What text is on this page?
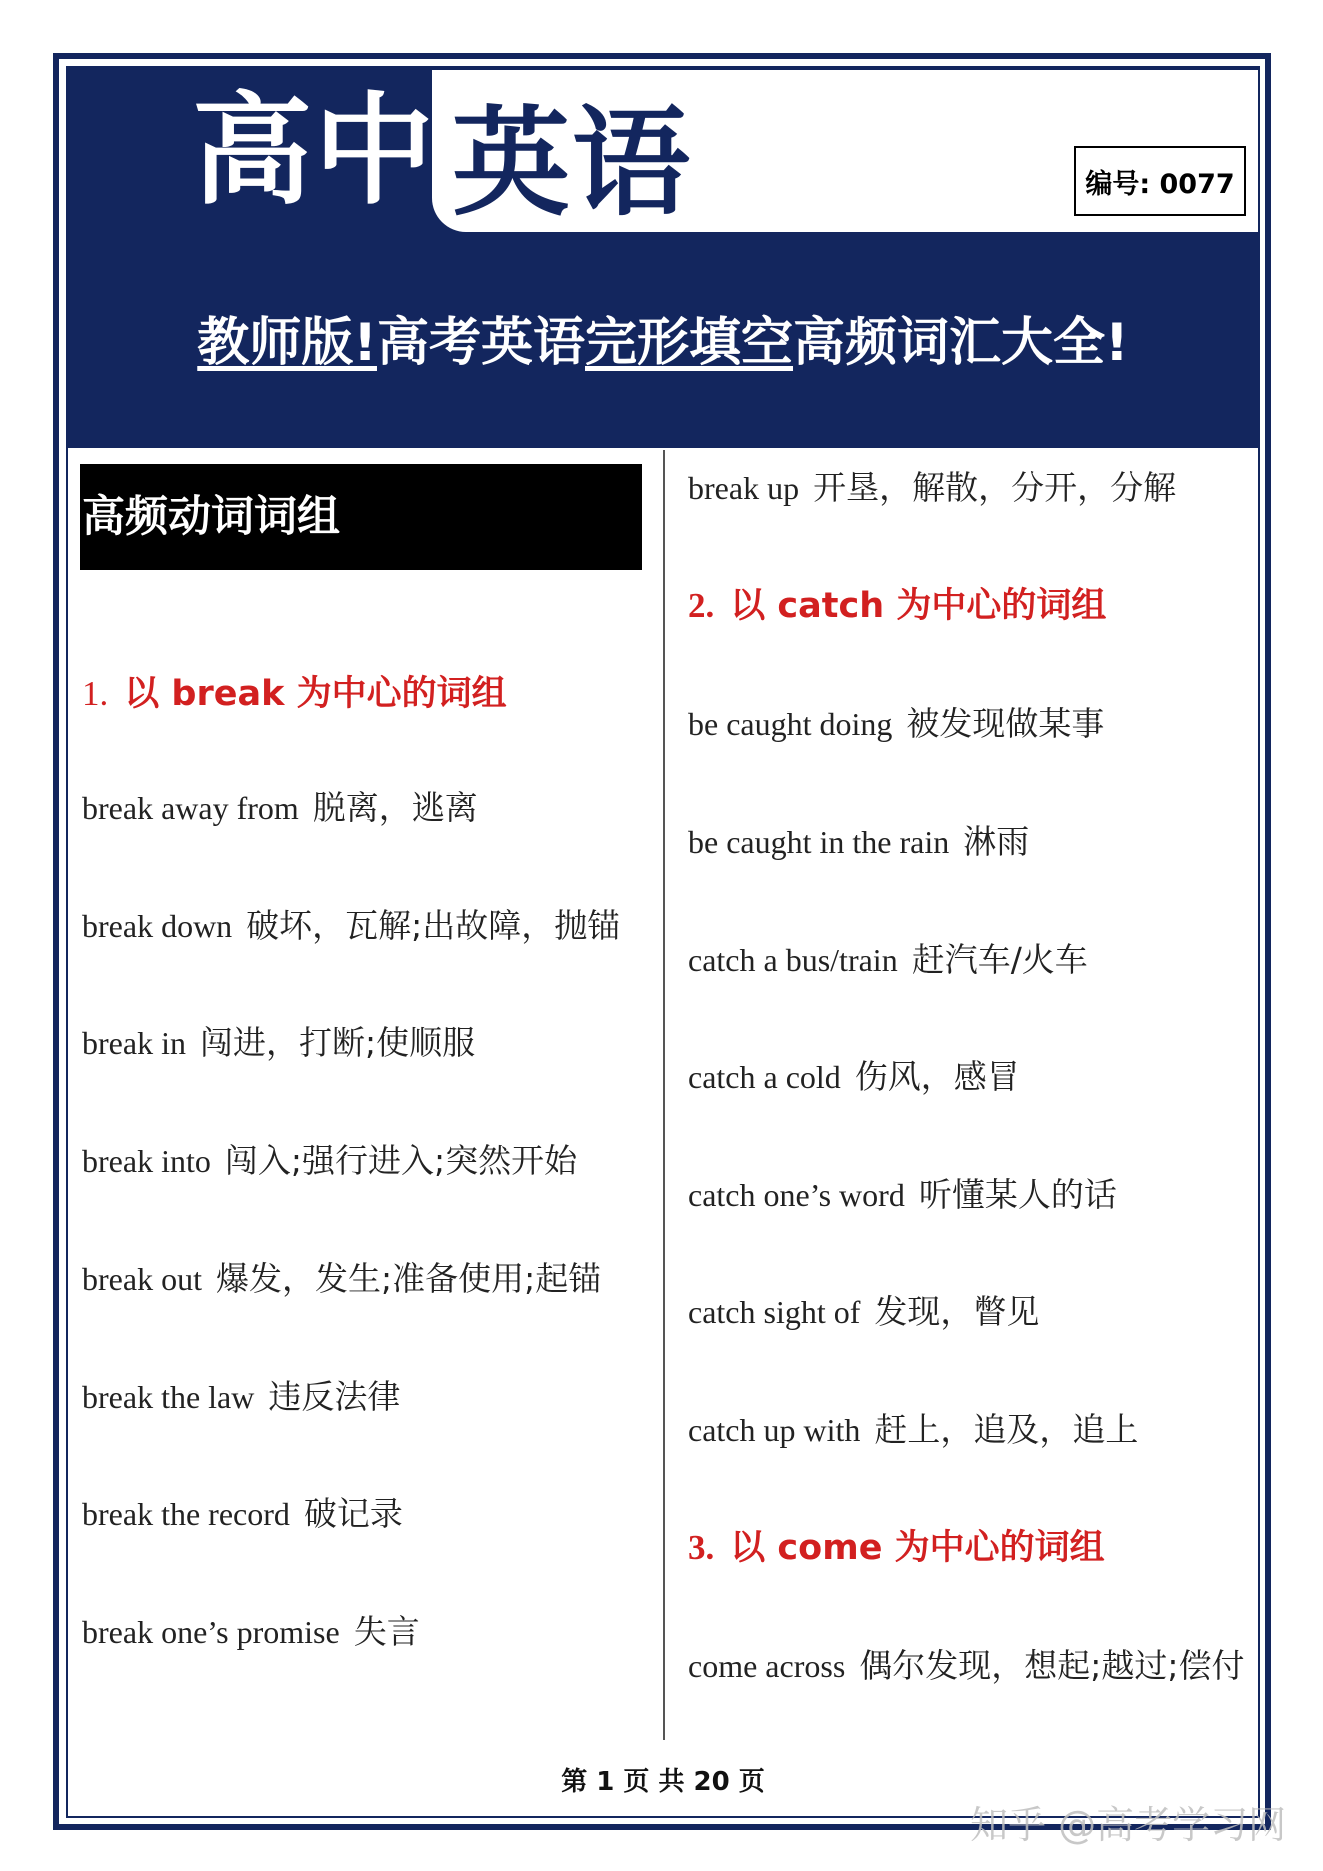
高中 英语	编号: 0077
教师版!高考英语完形填空高频词汇大全!
高频动词词组
1. 以 break 为中心的词组
break away from 脱离，逃离
break down 破坏，瓦解;出故障，抛锚
break in 闯进，打断;使顺服
break into 闯入;强行进入;突然开始
break out 爆发，发生;准备使用;起锚
break the law 违反法律
break the record 破记录
break one’s promise 失言
break up 开垦，解散，分开，分解
2. 以 catch 为中心的词组
be caught doing 被发现做某事
be caught in the rain 淋雨
catch a bus/train 赶汽车/火车
catch a cold 伤风，感冒
catch one’s word 听懂某人的话
catch sight of 发现，瞥见
catch up with 赶上，追及，追上
3. 以 come 为中心的词组
come across 偶尔发现，想起;越过;偿付
第 1 页 共 20 页
知乎 @高考学习网
